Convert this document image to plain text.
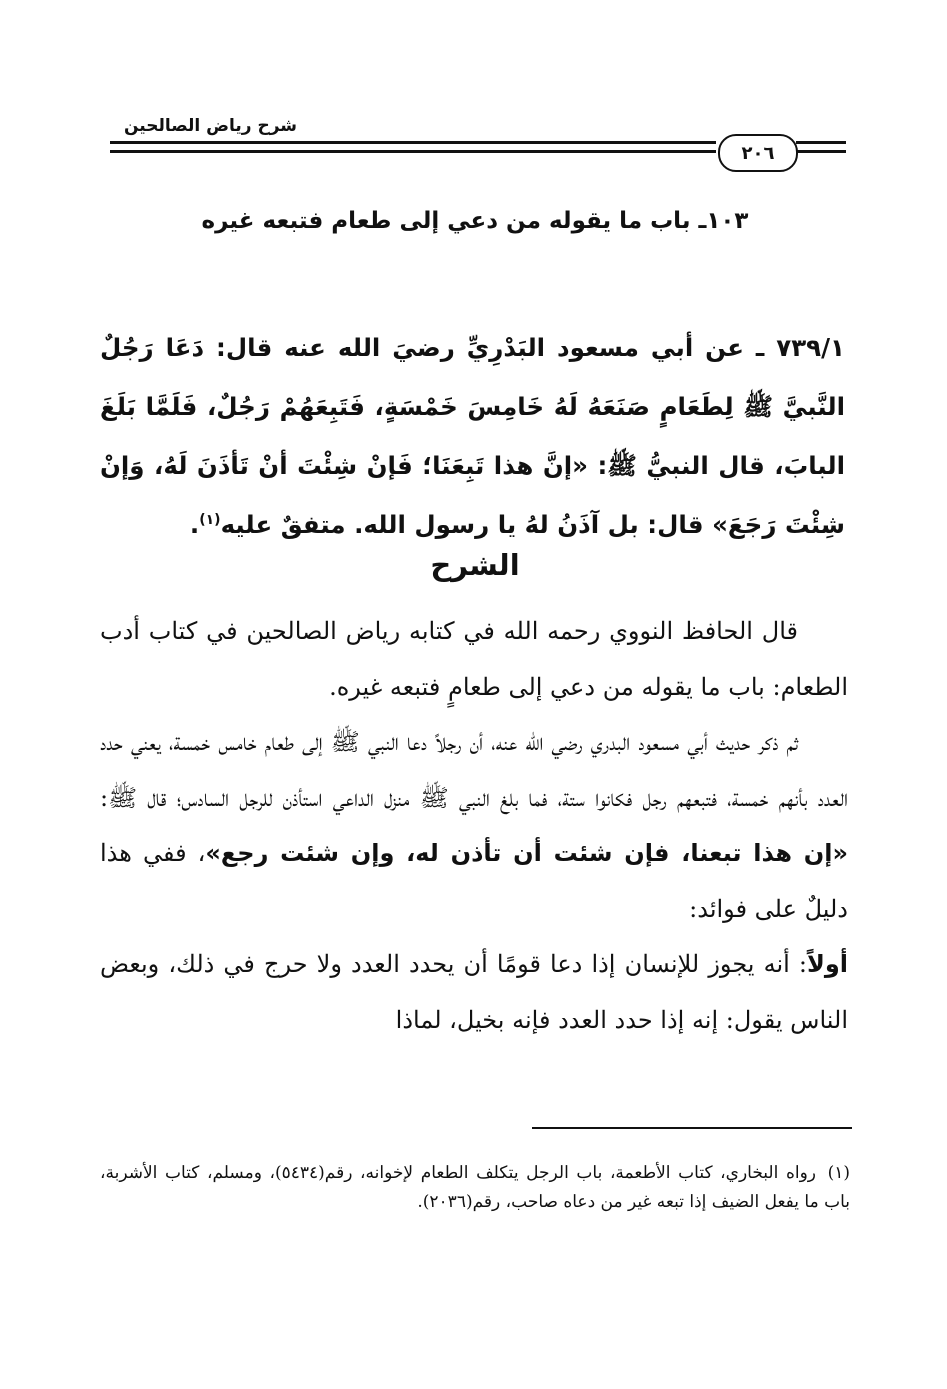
شرح رياض الصالحين
٢٠٦
١٠٣ـ باب ما يقوله من دعي إلى طعام فتبعه غيره
٧٣٩/١ ـ عن أبي مسعود البَدْرِيِّ رضيَ الله عنه قال: دَعَا رَجُلٌ النَّبيَّ ﷺ لِطَعَامٍ صَنَعَهُ لَهُ خَامِسَ خَمْسَةٍ، فَتَبِعَهُمْ رَجُلٌ، فَلَمَّا بَلَغَ البابَ، قال النبيُّ ﷺ: «إنَّ هذا تَبِعَنَا؛ فَإنْ شِئْتَ أنْ تَأذَنَ لَهُ، وَإنْ شِئْتَ رَجَعَ» قال: بل آذَنُ لهُ يا رسول الله. متفقٌ عليه$^{(١)}$.
الشرح

قال الحافظ النووي رحمه الله في كتابه رياض الصالحين في كتاب أدب الطعام: باب ما يقوله من دعي إلى طعامٍ فتبعه غيره.

ثم ذكر حديث أبي مسعود البدري رضي الله عنه، أن رجلاً دعا النبي ﷺ إلى طعام خامس خمسة، يعني حدد العدد بأنهم خمسة، فتبعهم رجل فكانوا ستة، فما بلغ النبي ﷺ منزل الداعي استأذن للرجل السادس؛ قال ﷺ: «إن هذا تبعنا، فإن شئت أن تأذن له، وإن شئت رجع»، ففي هذا دليلٌ على فوائد:

أولاً: أنه يجوز للإنسان إذا دعا قومًا أن يحدد العدد ولا حرج في ذلك، وبعض الناس يقول: إنه إذا حدد العدد فإنه بخيل، لماذا

(١)رواه البخاري، كتاب الأطعمة، باب الرجل يتكلف الطعام لإخوانه، رقم(٥٤٣٤)، ومسلم، كتاب الأشربة، باب ما يفعل الضيف إذا تبعه غير من دعاه صاحب، رقم(٢٠٣٦).
